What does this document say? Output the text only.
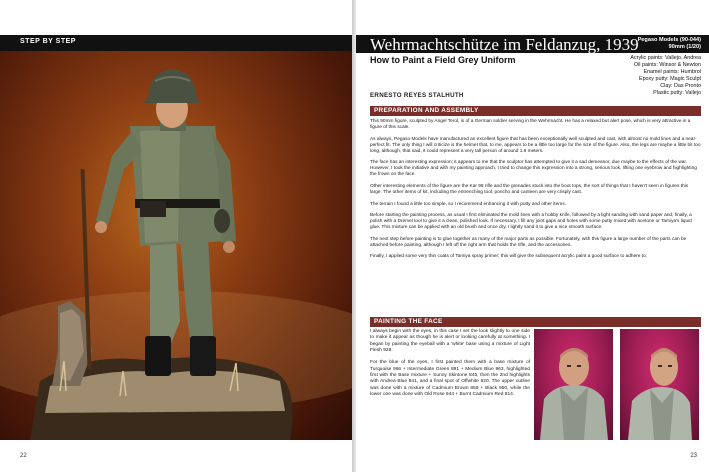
STEP BY STEP
22
Wehrmachtschütze im Feldanzug, 1939
Pegaso Models (90-044)
90mm (1/20)
How to Paint a Field Grey Uniform	Acrylic paints: Vallejo, Andrea
Oil paints: Winsor & Newton
Enamel paints: Humbrol
Epoxy putty: Magic Sculpt
Clay: Das Pronto
Plastic putty: Vallejo
ERNESTO REYES STALHUTH
PREPARATION AND ASSEMBLY

This 90mm figure, sculpted by Angel Terol, is of a German soldier serving in the Wehrmacht. He has a relaxed but alert pose, which is very attractive in a figure of this scale.

As always, Pegaso Models have manufactured an excellent figure that has been exceptionally well sculpted and cast, with almost no mold lines and a near-perfect fit. The only thing I will criticize is the helmet that, to me, appears to be a little too large for the size of the figure. Also, the legs are maybe a little bit too long, although, that said, it could represent a very tall person of around 1.9 meters.

The face has an interesting expression; it appears to me that the sculptor has attempted to give it a sad demeanor, due maybe to the effects of the war. However, I took the initiative and with my painting approach, I tried to change this expression into a strong, serious look, lifting one eyebrow and highlighting the frown on the face.

Other interesting elements of the figure are the Kar 98 rifle and the grenades stuck into the boot tops, the sort of things that I haven't seen in figures this large. The other items of kit, including the entrenching tool, poncho and canteen are very crisply cast.

The terrain I found a little too simple, so I recommend enhancing it with putty and other items.

Before starting the painting process, as usual I first eliminated the mold lines with a hobby knife, followed by a light sanding with sand paper and, finally, a polish with a Dremel tool to give it a clean, polished look. If necessary, I fill any joint gaps and holes with some putty mixed with acetone or Tamiya's liquid glue. This mixture can be applied with an old brush and once dry, I lightly sand it to give a nice smooth surface.

The next step before painting is to glue together as many of the major parts as possible. Fortunately, with this figure a large number of the parts can be attached before painting, although I left off the right arm that holds the rifle, and the accessories.

Finally, I applied some very thin coats of Tamiya spray primer; this will give the subsequent acrylic paint a good surface to adhere to.

PAINTING THE FACE

I always begin with the eyes, in this case I set the look slightly to one side to make it appear as though he is alert or looking carefully at something. I began by painting the eyeball with a 'white' base using a mixture of Light Flesh 928.

For the blue of the eyes, I first painted them with a base mixture of Turquoise 966 + Intermediate Green 891 + Medium Blue 963, highlighted first with the Base mixture + Sunny Skintone 845, then the 2nd highlights with Andrea Blue 841, and a final spot of Offwhite 820. The upper outline was done with a mixture of Cadmium Brown 859 + Black 950, while the lower one was done with Old Rose 944 + Burnt Cadmium Red 814.

23
